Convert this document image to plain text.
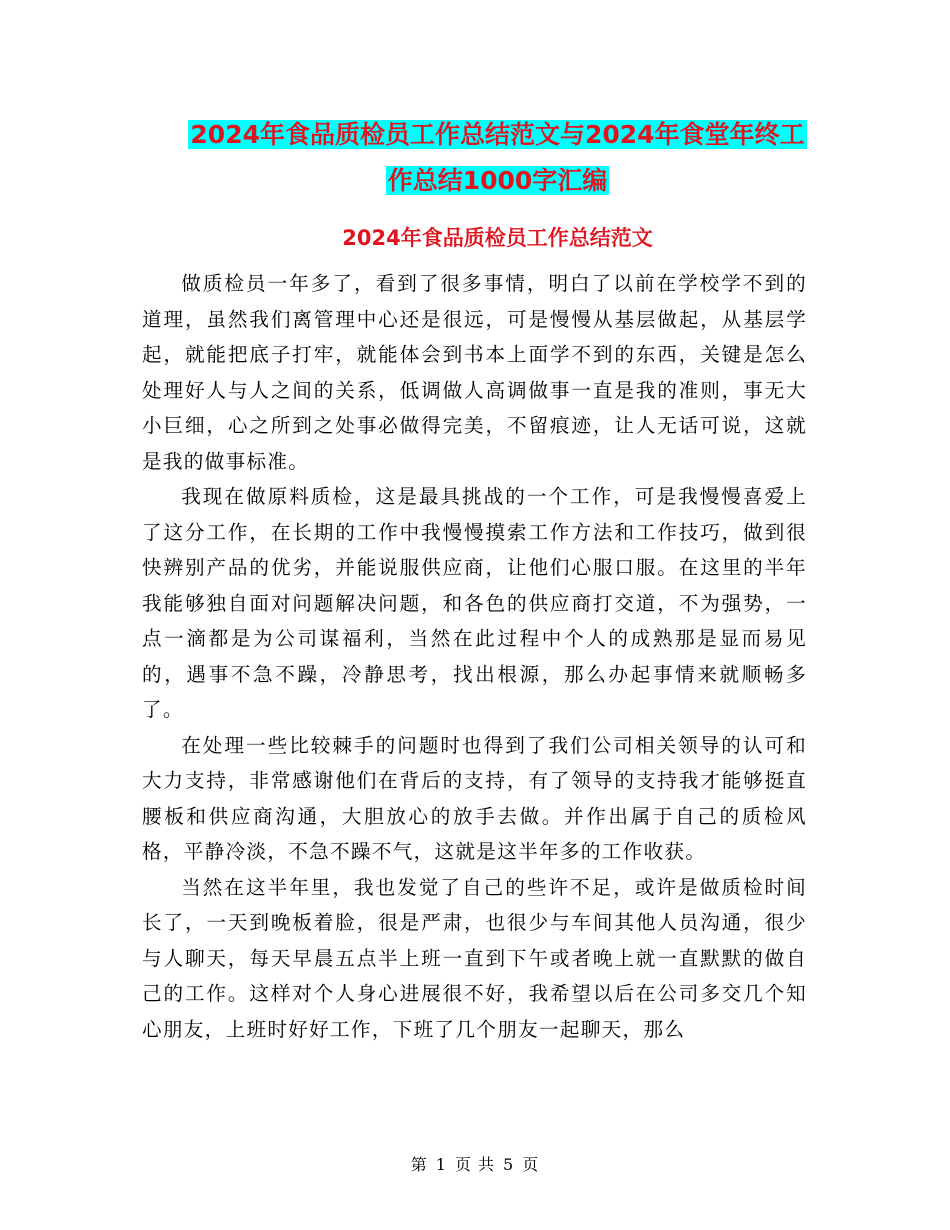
2024年食品质检员工作总结范文与2024年食堂年终工
作总结1000字汇编
2024年食品质检员工作总结范文

做质检员一年多了，看到了很多事情，明白了以前在学校学不到的道理，虽然我们离管理中心还是很远，可是慢慢从基层做起，从基层学起，就能把底子打牢，就能体会到书本上面学不到的东西，关键是怎么处理好人与人之间的关系，低调做人高调做事一直是我的准则，事无大小巨细，心之所到之处事必做得完美，不留痕迹，让人无话可说，这就是我的做事标准。

我现在做原料质检，这是最具挑战的一个工作，可是我慢慢喜爱上了这分工作，在长期的工作中我慢慢摸索工作方法和工作技巧，做到很快辨别产品的优劣，并能说服供应商，让他们心服口服。在这里的半年我能够独自面对问题解决问题，和各色的供应商打交道，不为强势，一点一滴都是为公司谋福利，当然在此过程中个人的成熟那是显而易见的，遇事不急不躁，冷静思考，找出根源，那么办起事情来就顺畅多了。

在处理一些比较棘手的问题时也得到了我们公司相关领导的认可和大力支持，非常感谢他们在背后的支持，有了领导的支持我才能够挺直腰板和供应商沟通，大胆放心的放手去做。并作出属于自己的质检风格，平静冷淡，不急不躁不气，这就是这半年多的工作收获。

当然在这半年里，我也发觉了自己的些许不足，或许是做质检时间长了，一天到晚板着脸，很是严肃，也很少与车间其他人员沟通，很少与人聊天，每天早晨五点半上班一直到下午或者晚上就一直默默的做自己的工作。这样对个人身心进展很不好，我希望以后在公司多交几个知心朋友，上班时好好工作，下班了几个朋友一起聊天，那么

第 1 页 共 5 页
